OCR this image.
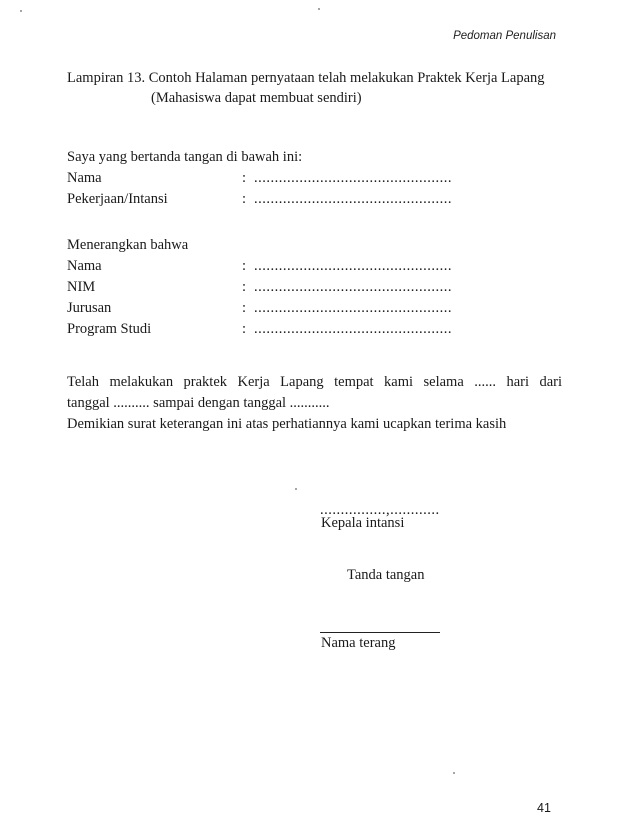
Pedoman Penulisan
Lampiran 13. Contoh Halaman pernyataan telah melakukan Praktek Kerja Lapang
(Mahasiswa dapat membuat sendiri)
Saya yang bertanda tangan di bawah ini:
Nama	: ................................................
Pekerjaan/Intansi	: ................................................
Menerangkan bahwa
Nama	: ................................................
NIM	: ................................................
Jurusan	: ................................................
Program Studi	: ................................................

Telah melakukan praktek Kerja Lapang tempat kami selama ...... hari dari

tanggal .......... sampai dengan tanggal ...........

Demikian surat keterangan ini atas perhatiannya kami ucapkan terima kasih

................,............
Kepala intansi
Tanda tangan
Nama terang
41
